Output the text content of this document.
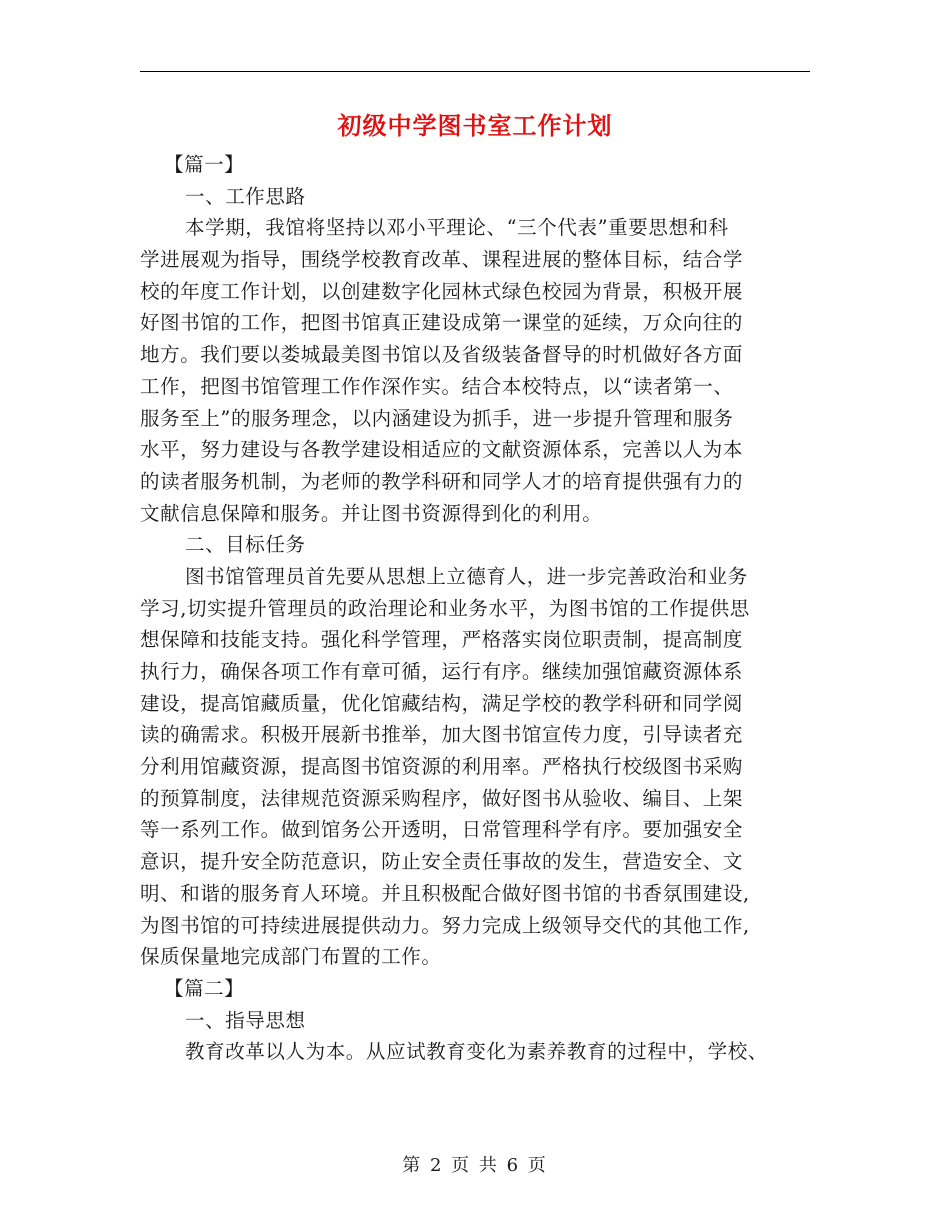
初级中学图书室工作计划
【篇一】
一、工作思路
本学期，我馆将坚持以邓小平理论、“三个代表”重要思想和科
学进展观为指导，围绕学校教育改革、课程进展的整体目标，结合学
校的年度工作计划，以创建数字化园林式绿色校园为背景，积极开展
好图书馆的工作，把图书馆真正建设成第一课堂的延续，万众向往的
地方。我们要以娄城最美图书馆以及省级装备督导的时机做好各方面
工作，把图书馆管理工作作深作实。结合本校特点，以“读者第一、
服务至上”的服务理念，以内涵建设为抓手，进一步提升管理和服务
水平，努力建设与各教学建设相适应的文献资源体系，完善以人为本
的读者服务机制，为老师的教学科研和同学人才的培育提供强有力的
文献信息保障和服务。并让图书资源得到化的利用。
二、目标任务
图书馆管理员首先要从思想上立德育人，进一步完善政治和业务
学习,切实提升管理员的政治理论和业务水平，为图书馆的工作提供思
想保障和技能支持。强化科学管理，严格落实岗位职责制，提高制度
执行力，确保各项工作有章可循，运行有序。继续加强馆藏资源体系
建设，提高馆藏质量，优化馆藏结构，满足学校的教学科研和同学阅
读的确需求。积极开展新书推举，加大图书馆宣传力度，引导读者充
分利用馆藏资源，提高图书馆资源的利用率。严格执行校级图书采购
的预算制度，法律规范资源采购程序，做好图书从验收、编目、上架
等一系列工作。做到馆务公开透明，日常管理科学有序。要加强安全
意识，提升安全防范意识，防止安全责任事故的发生，营造安全、文
明、和谐的服务育人环境。并且积极配合做好图书馆的书香氛围建设,
为图书馆的可持续进展提供动力。努力完成上级领导交代的其他工作,
保质保量地完成部门布置的工作。
【篇二】
一、指导思想
教育改革以人为本。从应试教育变化为素养教育的过程中，学校、
第 2 页 共 6 页
